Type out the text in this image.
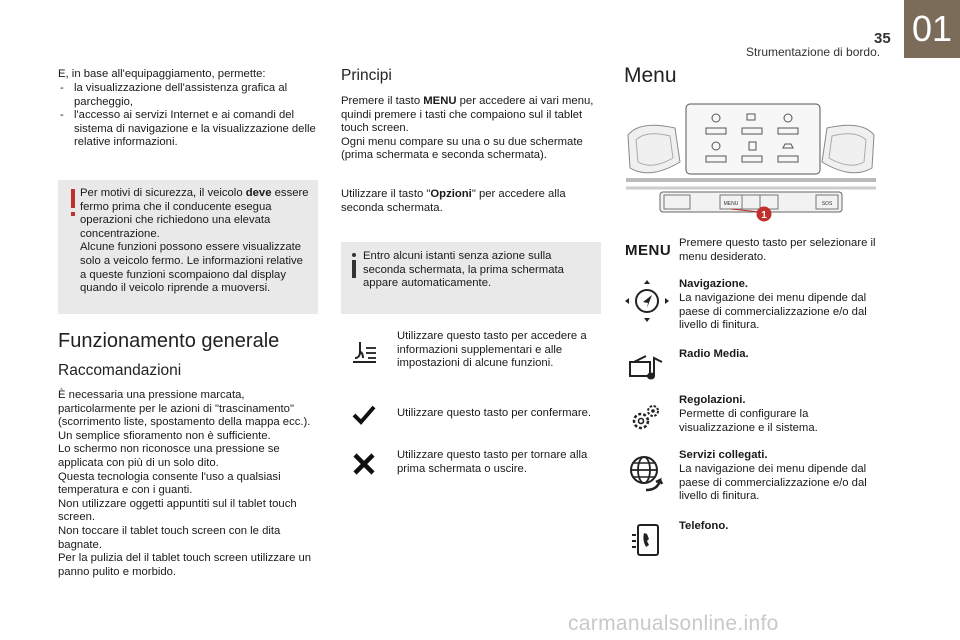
35
Strumentazione di bordo.
01
E, in base all'equipaggiamento, permette:
- la visualizzazione dell'assistenza grafica al parcheggio,
- l'accesso ai servizi Internet e ai comandi del sistema di navigazione e la visualizzazione delle relative informazioni.
Per motivi di sicurezza, il veicolo deve essere fermo prima che il conducente esegua operazioni che richiedono una elevata concentrazione.
Alcune funzioni possono essere visualizzate solo a veicolo fermo. Le informazioni relative a queste funzioni scompaiono dal display quando il veicolo riprende a muoversi.
Funzionamento generale
Raccomandazioni
È necessaria una pressione marcata, particolarmente per le azioni di "trascinamento" (scorrimento liste, spostamento della mappa ecc.).
Un semplice sfioramento non è sufficiente.
Lo schermo non riconosce una pressione se applicata con più di un solo dito.
Questa tecnologia consente l'uso a qualsiasi temperatura e con i guanti.
Non utilizzare oggetti appuntiti sul il tablet touch screen.
Non toccare il tablet touch screen con le dita bagnate.
Per la pulizia del il tablet touch screen utilizzare un panno pulito e morbido.
Principi
Premere il tasto MENU per accedere ai vari menu, quindi premere i tasti che compaiono sul il tablet touch screen.
Ogni menu compare su una o su due schermate (prima schermata e seconda schermata).
Utilizzare il tasto "Opzioni" per accedere alla seconda schermata.
Entro alcuni istanti senza azione sulla seconda schermata, la prima schermata appare automaticamente.
Utilizzare questo tasto per accedere a informazioni supplementari e alle impostazioni di alcune funzioni.
Utilizzare questo tasto per confermare.
Utilizzare questo tasto per tornare alla prima schermata o uscire.
Menu
MENU	SOS
1
MENU Premere questo tasto per selezionare il menu desiderato.
Navigazione.
La navigazione dei menu dipende dal paese di commercializzazione e/o dal livello di finitura.
Radio Media.
Regolazioni.
Permette di configurare la visualizzazione e il sistema.
Servizi collegati.
La navigazione dei menu dipende dal paese di commercializzazione e/o dal livello di finitura.
Telefono.
carmanualsonline.info
